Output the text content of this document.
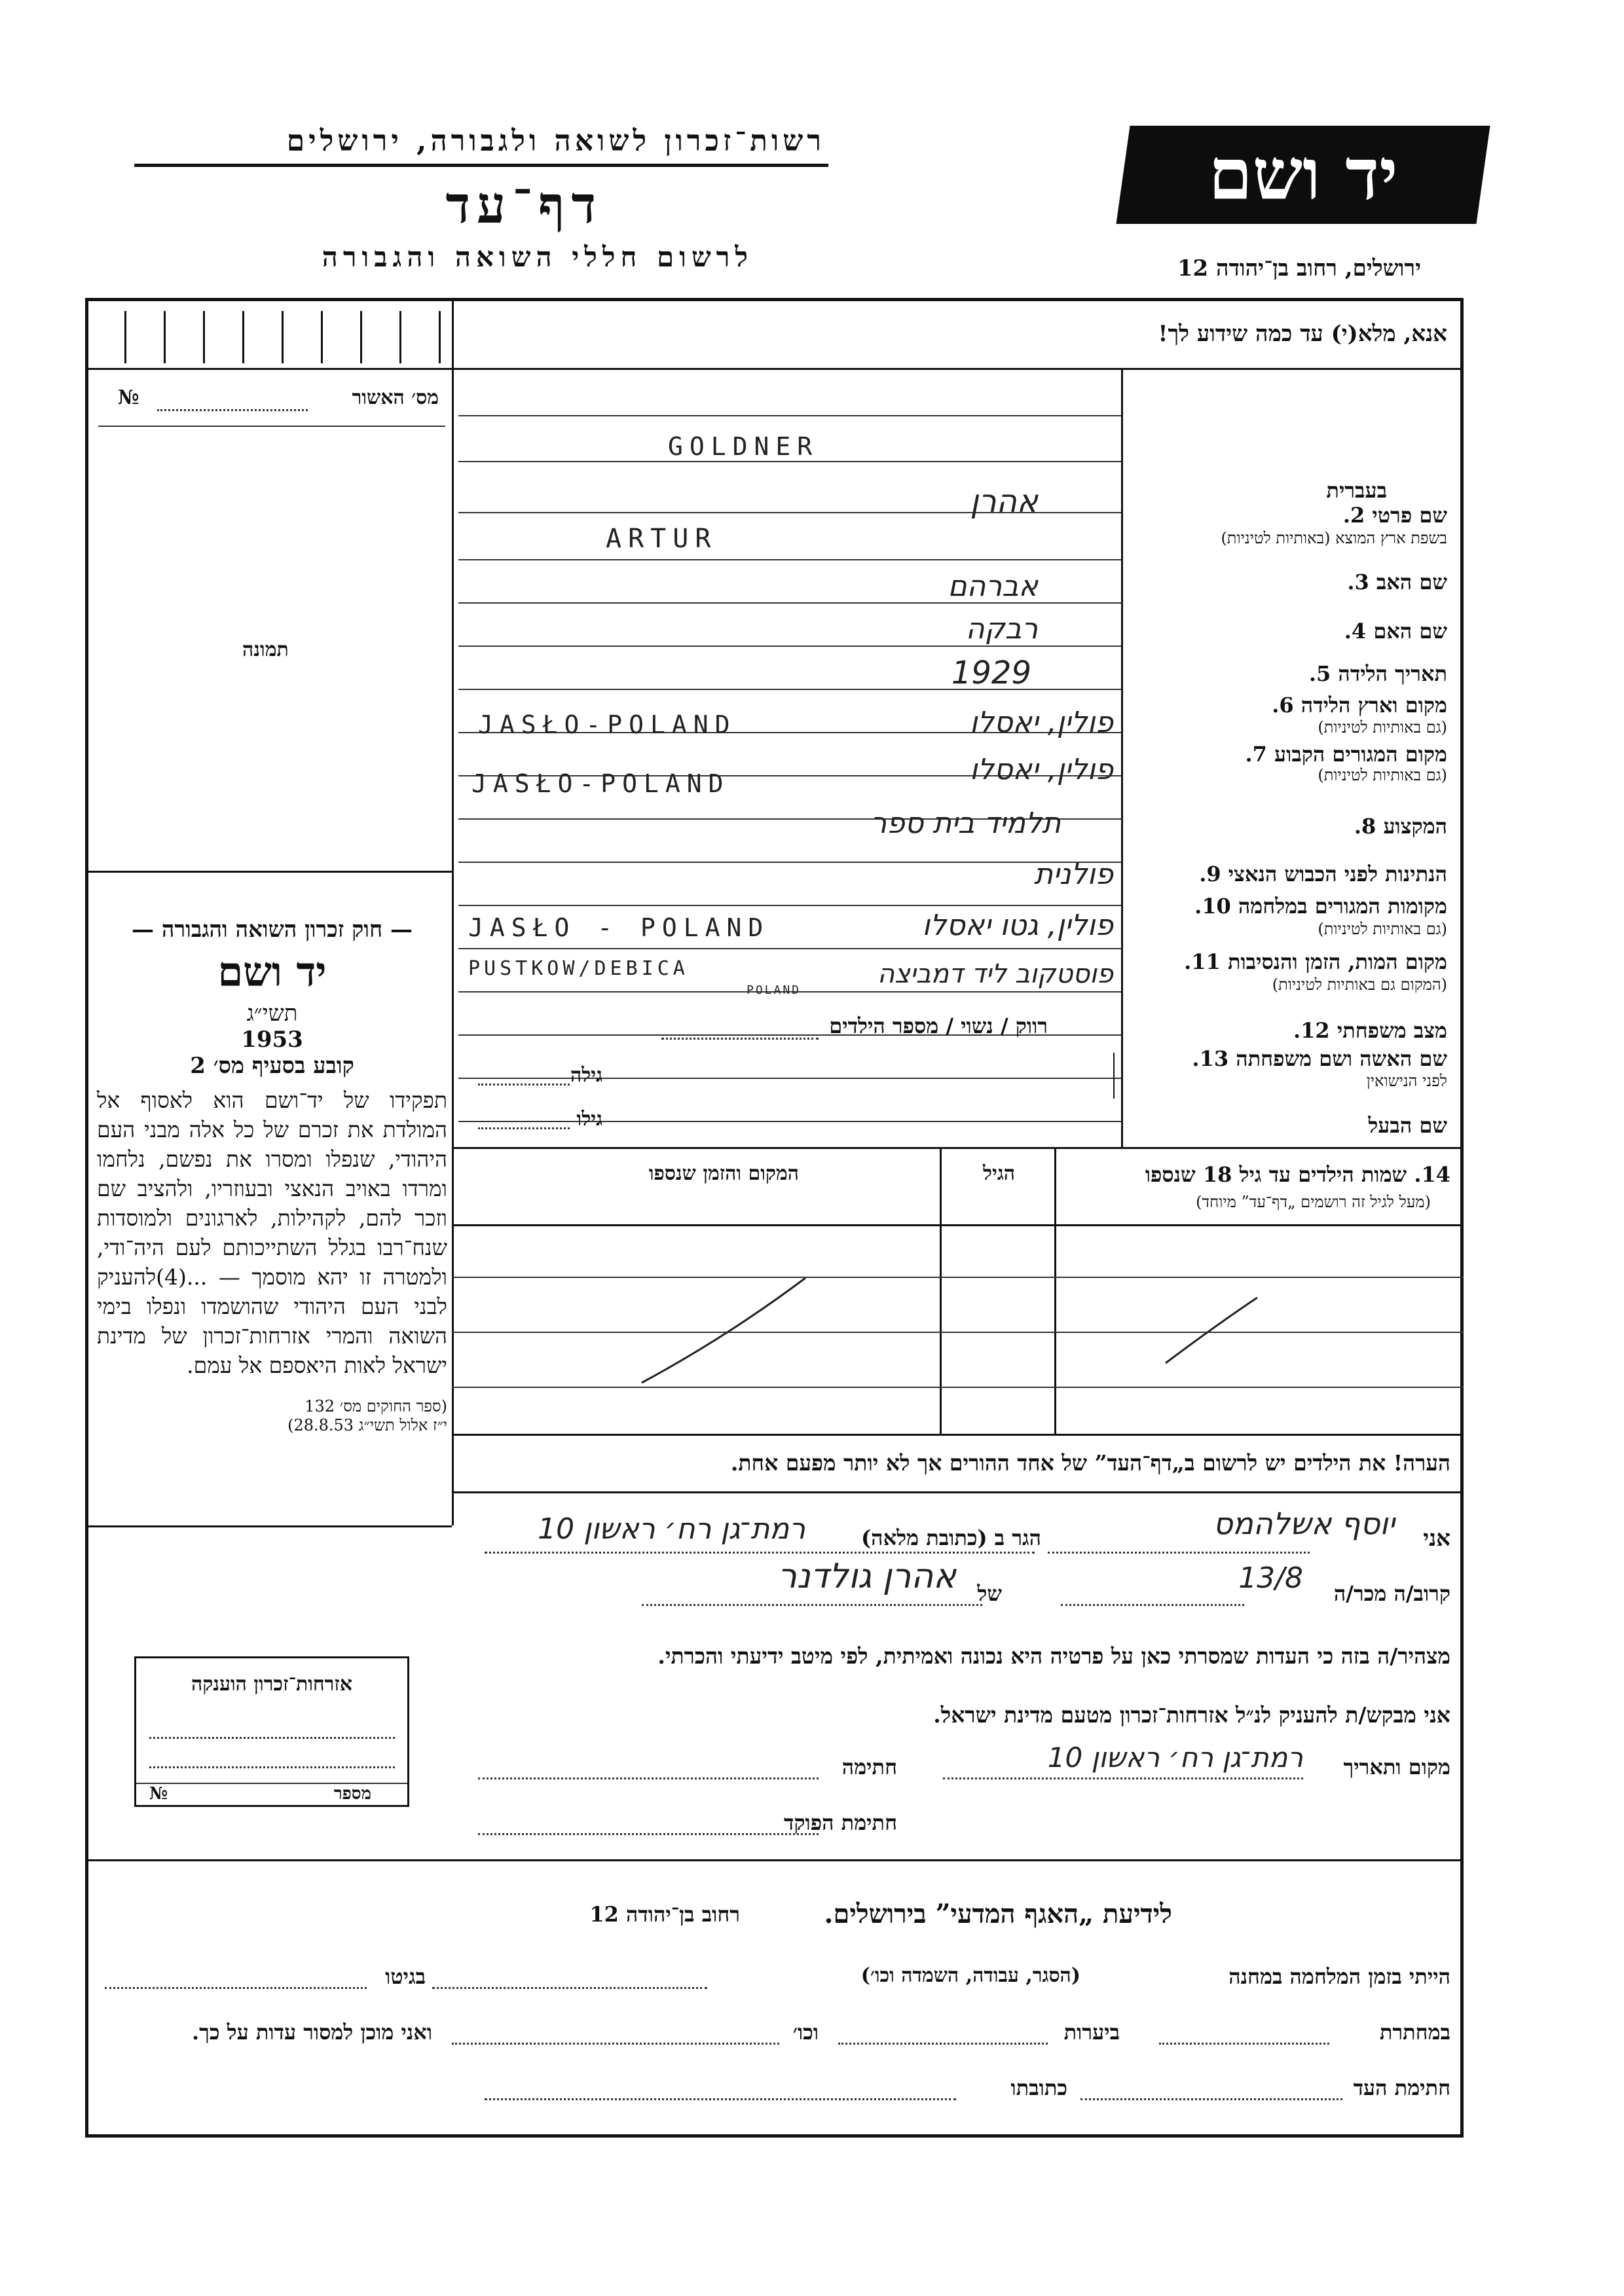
רשות־זכרון לשואה ולגבורה, ירושלים
דף־עד
לרשום חללי השואה והגבורה
יד ושם
ירושלים, רחוב בן־יהודה 12
אנא, מלא(י) עד כמה שידוע לך!
מס׳ האשור
№
תמונה
— חוק זכרון השואה והגבורה —
יד ושם
תשי״ג
1953
קובע בסעיף מס׳ 2
תפקידו של יד־ושם הוא לאסוף אל המולדת את זכרם של כל אלה מבני העם היהודי, שנפלו ומסרו את נפשם, נלחמו ומרדו באויב הנאצי ובעוזריו, ולהציב שם וזכר להם, לקהילות, לארגונים ולמוסדות שנח־רבו בגלל השתייכותם לעם היה־ודי, ולמטרה זו יהא מוסמך — ...(4)להעניק לבני העם היהודי שהושמדו ונפלו בימי השואה והמרי אזרחות־זכרון של מדינת ישראל לאות היאספם אל עמם.
(ספר החוקים מס׳ 132
י״ז אלול תשי״ג 28.8.53)
GOLDNER
בעברית
שם פרטי 2.
בשפת ארץ המוצא (באותיות לטיניות)
אהרן
ARTUR
שם האב 3.
אברהם
שם האם 4.
רבקה
תאריך הלידה 5.
1929
מקום וארץ הלידה 6.
(גם באותיות לטיניות)
פולין, יאסלו
JASŁO-POLAND
מקום המגורים הקבוע 7.
(גם באותיות לטיניות)
פולין, יאסלו
JASŁO-POLAND
המקצוע 8.
תלמיד בית ספר
הנתינות לפני הכבוש הנאצי 9.
פולנית
מקומות המגורים במלחמה 10.
(גם באותיות לטיניות)
פולין, גטו יאסלו
JASŁO - POLAND
מקום המות, הזמן והנסיבות 11.
(המקום גם באותיות לטיניות)
פוסטקוב ליד דמביצה
PUSTKOW/DEBICA
POLAND
מצב משפחתי 12.
רווק / נשוי / מספר הילדים
שם האשה ושם משפחתה 13.
לפני הנישואין
גילה
שם הבעל
גילו
14. שמות הילדים עד גיל 18 שנספו
(מעל לגיל זה רושמים „דף־עד” מיוחד)
הגיל
המקום והזמן שנספו
הערה! את הילדים יש לרשום ב„דף־העד” של אחד ההורים אך לא יותר מפעם אחת.
אני
יוסף אשלהמס
הגר ב (כתובת מלאה)
רמת־גן רח׳ ראשון 10
קרוב/ה מכר/ה
13/8
של
אהרן גולדנר
מצהיר/ה בזה כי העדות שמסרתי כאן על פרטיה היא נכונה ואמיתית, לפי מיטב ידיעתי והכרתי.
אני מבקש/ת להעניק לנ״ל אזרחות־זכרון מטעם מדינת ישראל.
מקום ותאריך
רמת־גן רח׳ ראשון 10
חתימה
חתימת הפוקד
אזרחות־זכרון הוענקה
מספר
№
לידיעת „האגף המדעי” בירושלים.
רחוב בן־יהודה 12
הייתי בזמן המלחמה במחנה
(הסגר, עבודה, השמדה וכו׳)
בגיטו
במחתרת
ביערות
וכו׳
ואני מוכן למסור עדות על כך.
חתימת העד
כתובתו
